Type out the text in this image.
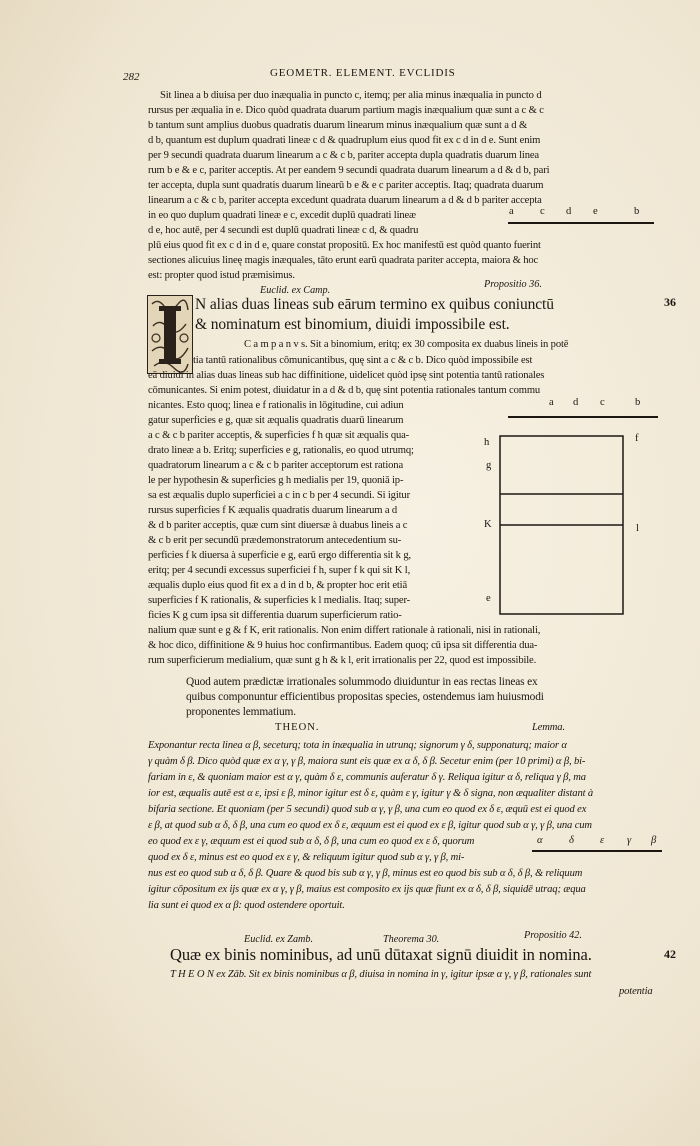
282	GEOMETR. ELEMENT. EVCLIDIS
Sit linea a b diuisa per duo inæqualia in puncto c, itemq; per alia minus inæqualia in puncto d
rursus per æqualia in e. Dico quòd quadrata duarum partium magis inæqualium quæ sunt a c & c
b tantum sunt amplius duobus quadratis duarum linearum minus inæqualium quæ sunt a d &
d b, quantum est duplum quadrati lineæ c d & quadruplum eius quod fit ex c d in d e. Sunt enim
per 9 secundi quadrata duarum linearum a c & c b, pariter accepta dupla quadratis duarum linea
rum b e & e c, pariter acceptis. At per eandem 9 secundi quadrata duarum linearum a d & d b, pari
ter accepta, dupla sunt quadratis duarum linearū b e & e c pariter acceptis. Itaq; quadrata duarum
linearum a c & c b, pariter accepta excedunt quadrata duarum linearum a d & d b pariter accepta
in eo quo duplum quadrati lineæ e c, excedit duplū quadrati lineæ
d e, hoc autē, per 4 secundi est duplū quadrati lineæ c d, & quadru
plū eius quod fit ex c d in d e, quare constat propositū. Ex hoc manifestū est quòd quanto fuerint
sectiones alicuius lineę magis inæquales, tāto erunt earū quadrata pariter accepta, maiora & hoc
est: propter quod istud præmisimus.
a c d e	b
Euclid. ex Camp.
Propositio 36.
36
N alias duas lineas sub eārum termino ex quibus coniunctū
& nominatum est binomium, diuidi impossibile est.
C a m p a n v s. Sit a binomium, eritq; ex 30 composita ex duabus lineis in potē
tia tantū rationalibus cōmunicantibus, quę sint a c & c b. Dico quòd impossibile est
eā diuidi in alias duas lineas sub hac diffinitione, uidelicet quòd ipsę sint potentia tantū rationales
cōmunicantes. Si enim potest, diuidatur in a d & d b, quę sint potentia rationales tantum commu
nicantes. Esto quoq; linea e f rationalis in lōgitudine, cui adiun
gatur superficies e g, quæ sit æqualis quadratis duarū linearum
a c & c b pariter acceptis, & superficies f h quæ sit æqualis qua-
drato lineæ a b. Eritq; superficies e g, rationalis, eo quod utrumq;
quadratorum linearum a c & c b pariter acceptorum est rationa
le per hypothesin & superficies g h medialis per 19, quoniā ip-
sa est æqualis duplo superficiei a c in c b per 4 secundi. Si igitur
rursus superficies f K æqualis quadratis duarum linearum a d
& d b pariter acceptis, quæ cum sint diuersæ à duabus lineis a c
& c b erit per secundū prædemonstratorum antecedentium su-
perficies f k diuersa à superficie e g, earū ergo differentia sit k g,
eritq; per 4 secundi excessus superficiei f h, super f k qui sit K l,
æqualis duplo eius quod fit ex a d in d b, & propter hoc erit etiā
superficies f K rationalis, & superficies k l medialis. Itaq; super-
ficies K g cum ipsa sit differentia duarum superficierum ratio-
nalium quæ sunt e g & f K, erit rationalis. Non enim differt rationale à rationali, nisi in rationali,
& hoc dico, diffinitione & 9 huius hoc confirmantibus. Eadem quoq; cū ipsa sit differentia dua-
rum superficierum medialium, quæ sunt g h & k l, erit irrationalis per 22, quod est impossibile.
a d c	b
h	f
l
g
K
e
Quod autem prædictæ irrationales solummodo diuiduntur in eas rectas lineas ex
quibus componuntur efficientibus propositas species, ostendemus iam huiusmodi
proponentes lemmatium.
THEON.	Lemma.
Exponantur recta linea α β, seceturq; tota in inæqualia in utrunq; signorum γ δ, supponaturq; maior α
γ quàm δ β. Dico quòd quæ ex α γ, γ β, maiora sunt eis quæ ex α δ, δ β. Secetur enim (per 10 primi) α β, bi-
fariam in ε, & quoniam maior est α γ, quàm δ ε, communis auferatur δ γ. Reliqua igitur α δ, reliqua γ β, ma
ior est, æqualis autē est α ε, ipsi ε β, minor igitur est δ ε, quàm ε γ, igitur γ & δ signa, non æqualiter distant à
bifaria sectione. Et quoniam (per 5 secundi) quod sub α γ, γ β, una cum eo quod ex δ ε, æquū est ei quod ex
ε β, at quod sub α δ, δ β, una cum eo quod ex δ ε, æquum est ei quod ex ε β, igitur quod sub α γ, γ β, una cum
eo quod ex ε γ, æquum est ei quod sub α δ, δ β, una cum eo quod ex ε δ, quorum
quod ex δ ε, minus est eo quod ex ε γ, & reliquum igitur quod sub α γ, γ β, mi-
nus est eo quod sub α δ, δ β. Quare & quod bis sub α γ, γ β, minus est eo quod bis sub α δ, δ β, & reliquum
igitur cōpositum ex ijs quæ ex α γ, γ β, maius est composito ex ijs quæ fiunt ex α δ, δ β, siquidē utraq; æqua
lia sunt ei quod ex α β: quod ostendere oportuit.
α	δ ε γ β
Euclid. ex Zamb.	Theorema 30.	Propositio 42.
42
Quæ ex binis nominibus, ad unū dūtaxat signū diuidit in nomina.
T H E O N ex Zāb. Sit ex binis nominibus α β, diuisa in nomina in γ, igitur ipsæ α γ, γ β, rationales sunt
potentia
